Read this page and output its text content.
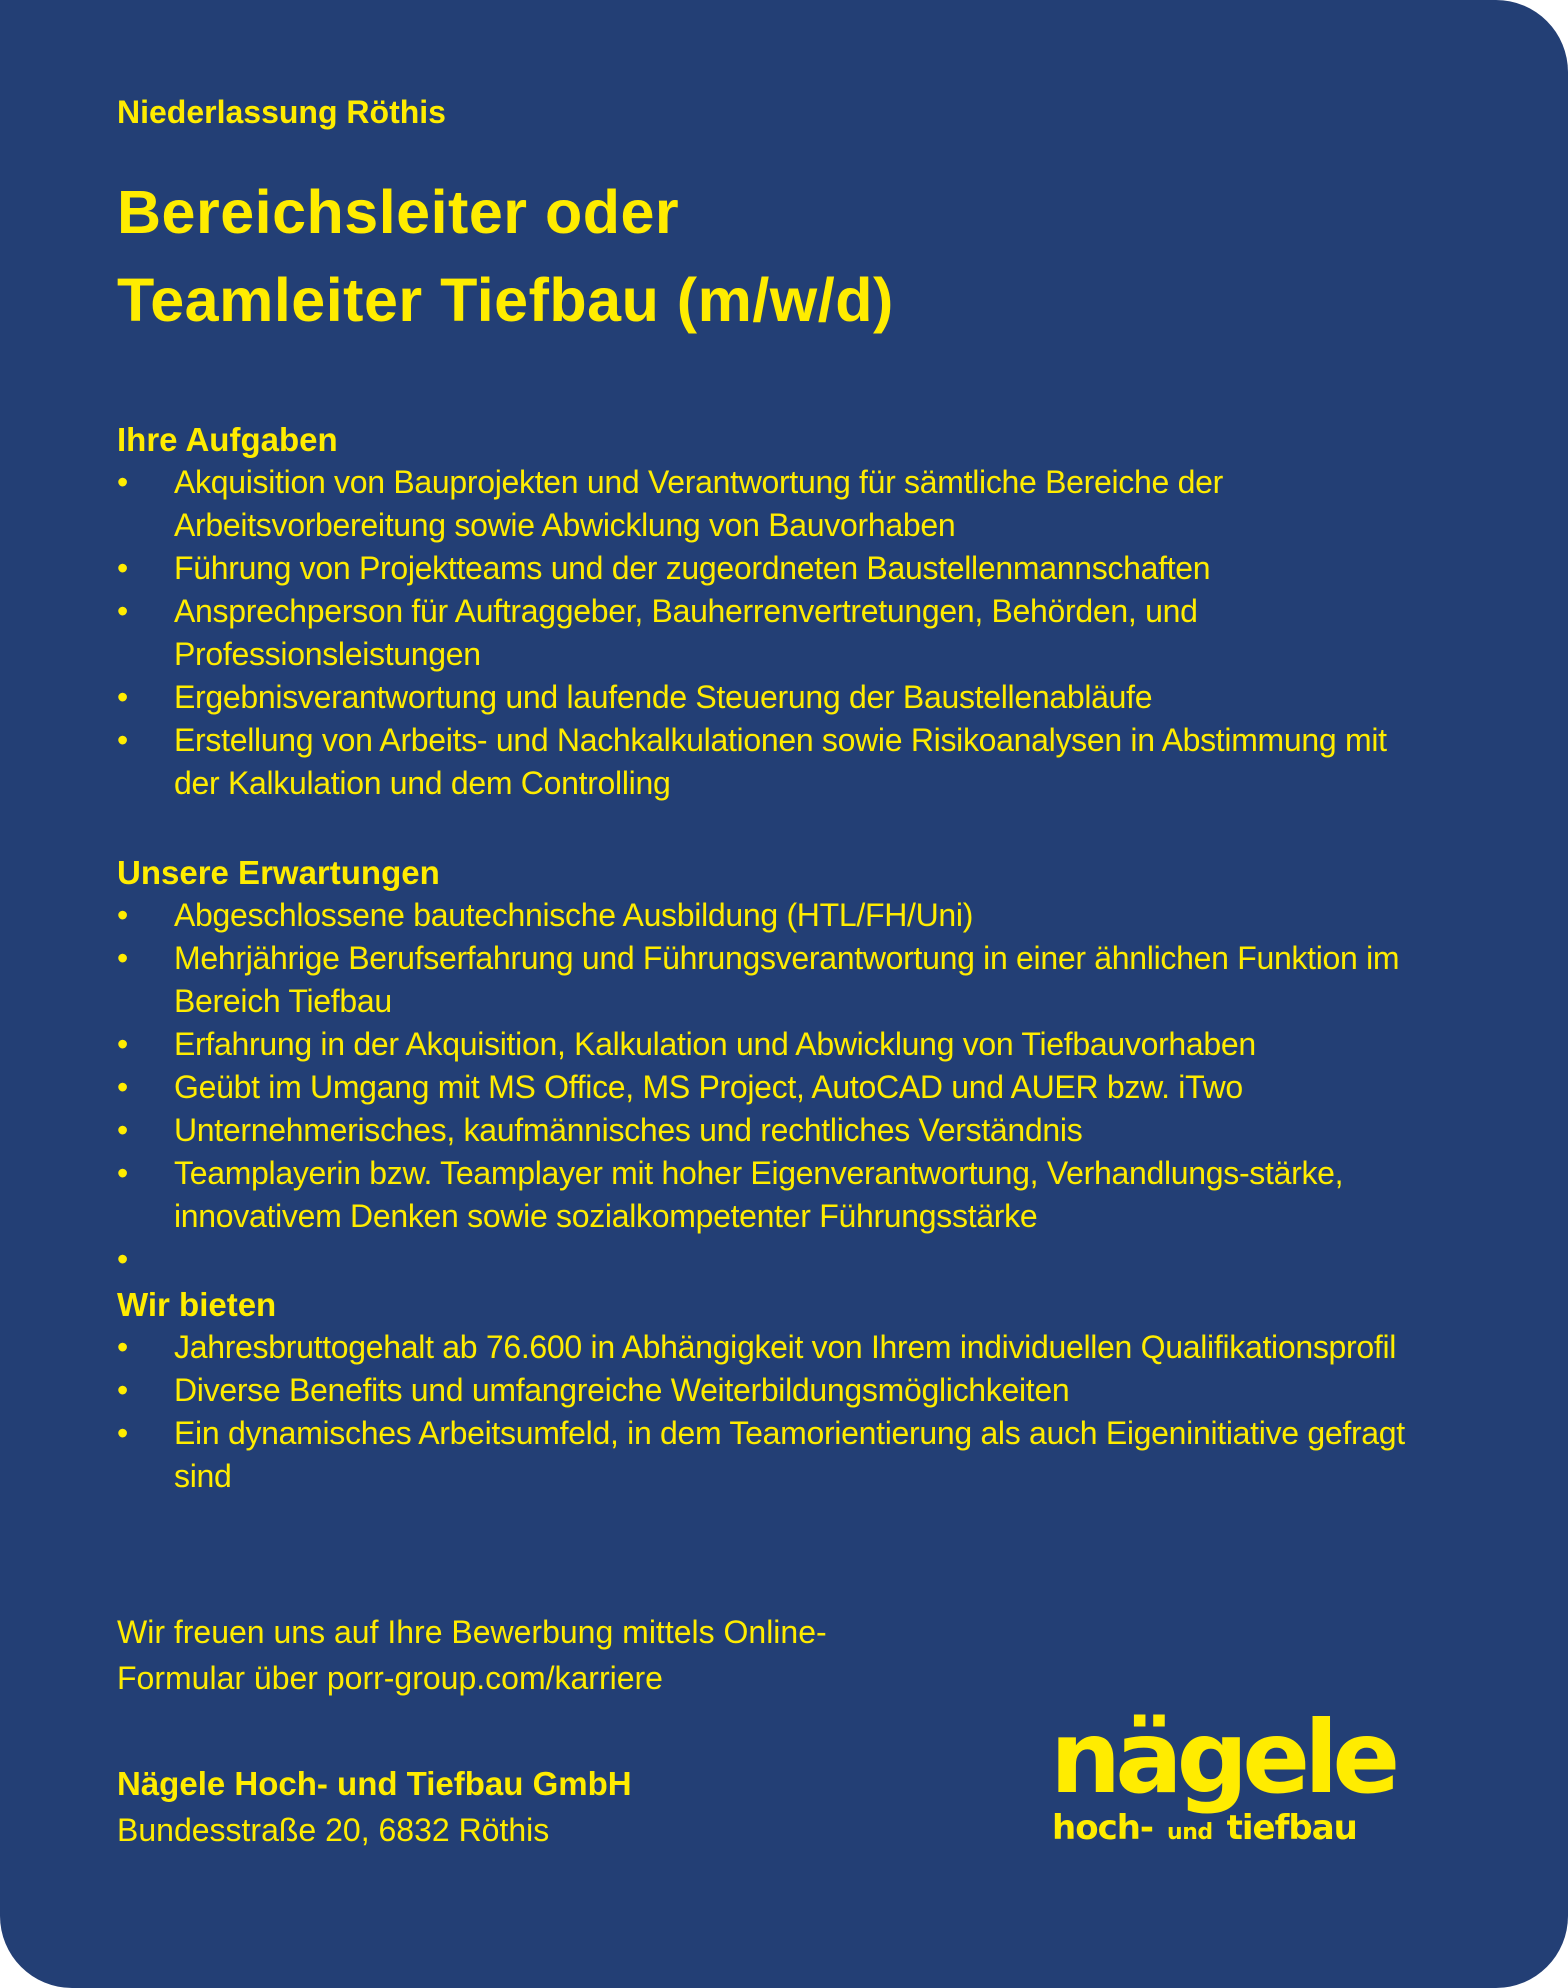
Niederlassung Röthis
Bereichsleiter oder
Teamleiter Tiefbau (m/w/d)
Ihre Aufgaben
• Akquisition von Bauprojekten und Verantwortung für sämtliche Bereiche der Arbeitsvorbereitung sowie Abwicklung von Bauvorhaben
• Führung von Projektteams und der zugeordneten Baustellenmannschaften
• Ansprechperson für Auftraggeber, Bauherrenvertretungen, Behörden, und Professionsleistungen
• Ergebnisverantwortung und laufende Steuerung der Baustellenabläufe
• Erstellung von Arbeits- und Nachkalkulationen sowie Risikoanalysen in Abstimmung mit der Kalkulation und dem Controlling
Unsere Erwartungen
• Abgeschlossene bautechnische Ausbildung (HTL/FH/Uni)
• Mehrjährige Berufserfahrung und Führungsverantwortung in einer ähnlichen Funktion im Bereich Tiefbau
• Erfahrung in der Akquisition, Kalkulation und Abwicklung von Tiefbauvorhaben
• Geübt im Umgang mit MS Office, MS Project, AutoCAD und AUER bzw. iTwo
• Unternehmerisches, kaufmännisches und rechtliches Verständnis
• Teamplayerin bzw. Teamplayer mit hoher Eigenverantwortung, Verhandlungs-stärke, innovativem Denken sowie sozialkompetenter Führungsstärke
•
Wir bieten
• Jahresbruttogehalt ab 76.600 in Abhängigkeit von Ihrem individuellen Qualifikationsprofil
• Diverse Benefits und umfangreiche Weiterbildungsmöglichkeiten
• Ein dynamisches Arbeitsumfeld, in dem Teamorientierung als auch Eigeninitiative gefragt sind
Wir freuen uns auf Ihre Bewerbung mittels Online-
Formular über porr-group.com/karriere
Nägele Hoch- und Tiefbau GmbH
Bundesstraße 20, 6832 Röthis
nägele
hoch- und tiefbau
